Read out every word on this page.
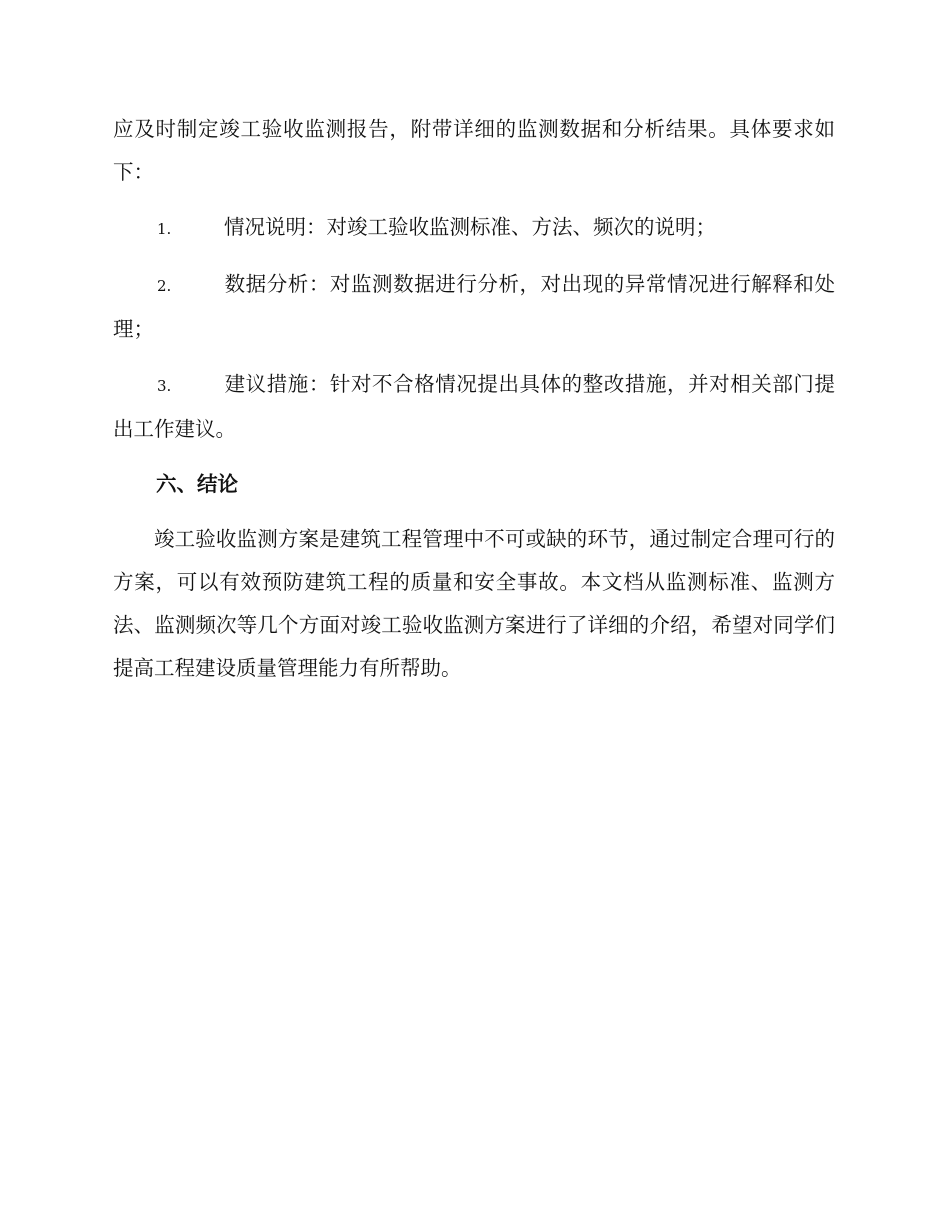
应及时制定竣工验收监测报告，附带详细的监测数据和分析结果。具体要求如下：

1.	情况说明：对竣工验收监测标准、方法、频次的说明；

2.	数据分析：对监测数据进行分析，对出现的异常情况进行解释和处理；

3.	建议措施：针对不合格情况提出具体的整改措施，并对相关部门提出工作建议。

六、结论

竣工验收监测方案是建筑工程管理中不可或缺的环节，通过制定合理可行的方案，可以有效预防建筑工程的质量和安全事故。本文档从监测标准、监测方法、监测频次等几个方面对竣工验收监测方案进行了详细的介绍，希望对同学们提高工程建设质量管理能力有所帮助。
